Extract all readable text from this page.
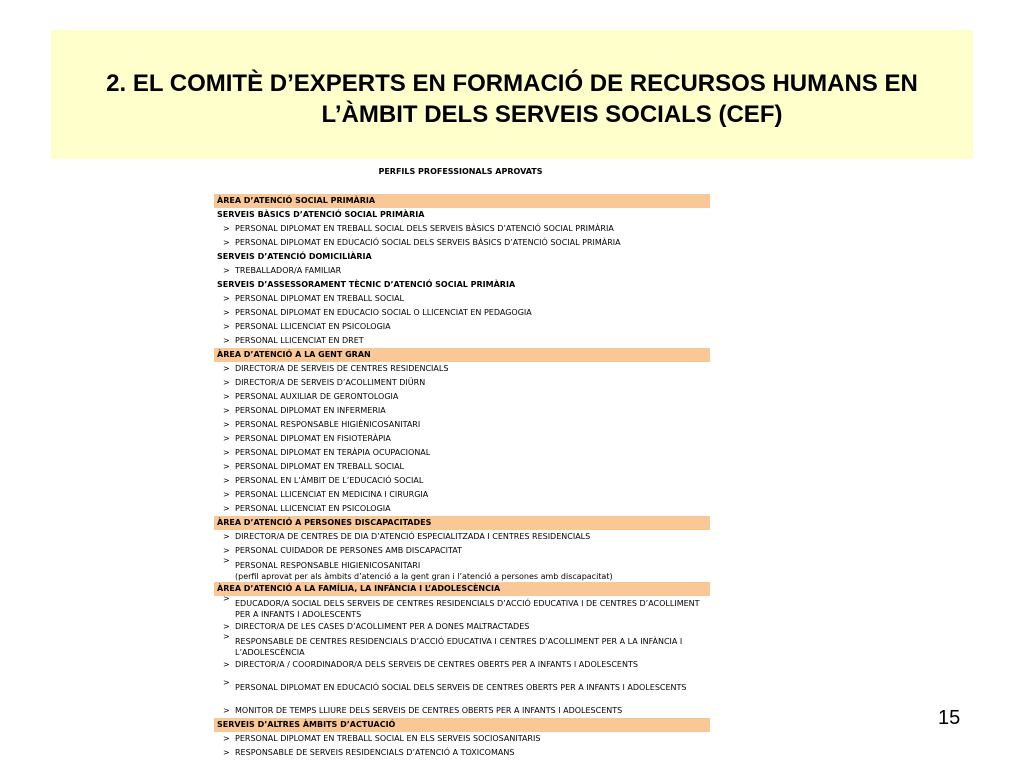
2. EL COMITÈ D’EXPERTS EN FORMACIÓ DE RECURSOS HUMANS EN
L’ÀMBIT DELS SERVEIS SOCIALS (CEF)
PERFILS PROFESSIONALS APROVATS
ÀREA D’ATENCIÓ SOCIAL PRIMÀRIA
SERVEIS BÀSICS D’ATENCIÓ SOCIAL PRIMÀRIA
> PERSONAL DIPLOMAT EN TREBALL SOCIAL DELS SERVEIS BÀSICS D’ATENCIÓ SOCIAL PRIMÀRIA
> PERSONAL DIPLOMAT EN EDUCACIÓ SOCIAL DELS SERVEIS BÀSICS D’ATENCIÓ SOCIAL PRIMÀRIA
SERVEIS D’ATENCIÓ DOMICILIÀRIA
> TREBALLADOR/A FAMILIAR
SERVEIS D’ASSESSORAMENT TÈCNIC D’ATENCIÓ SOCIAL PRIMÀRIA
> PERSONAL DIPLOMAT EN TREBALL SOCIAL
> PERSONAL DIPLOMAT EN EDUCACIO SOCIAL O LLICENCIAT EN PEDAGOGIA
> PERSONAL LLICENCIAT EN PSICOLOGIA
> PERSONAL LLICENCIAT EN DRET
ÀREA D’ATENCIÓ A LA GENT GRAN
> DIRECTOR/A DE SERVEIS DE CENTRES RESIDENCIALS
> DIRECTOR/A DE SERVEIS D’ACOLLIMENT DIÜRN
> PERSONAL AUXILIAR DE GERONTOLOGIA
> PERSONAL DIPLOMAT EN INFERMERIA
> PERSONAL RESPONSABLE HIGIÈNICOSANITARI
> PERSONAL DIPLOMAT EN FISIOTERÀPIA
> PERSONAL DIPLOMAT EN TERÀPIA OCUPACIONAL
> PERSONAL DIPLOMAT EN TREBALL SOCIAL
> PERSONAL EN L’ÀMBIT DE L’EDUCACIÓ SOCIAL
> PERSONAL LLICENCIAT EN MEDICINA I CIRURGIA
> PERSONAL LLICENCIAT EN PSICOLOGIA
ÀREA D’ATENCIÓ A PERSONES DISCAPACITADES
> DIRECTOR/A DE CENTRES DE DIA D’ATENCIÓ ESPECIALITZADA I CENTRES RESIDENCIALS
> PERSONAL CUIDADOR DE PERSONES AMB DISCAPACITAT
>
PERSONAL RESPONSABLE HIGIENICOSANITARI
(perfil aprovat per als àmbits d’atenció a la gent gran i l’atenció a persones amb discapacitat)
ÀREA D’ATENCIÓ A LA FAMÍLIA, LA INFÀNCIA I L’ADOLESCÈNCIA
>
EDUCADOR/A SOCIAL DELS SERVEIS DE CENTRES RESIDENCIALS D’ACCIÓ EDUCATIVA I DE CENTRES D’ACOLLIMENT PER A INFANTS I ADOLESCENTS
> DIRECTOR/A DE LES CASES D’ACOLLIMENT PER A DONES MALTRACTADES
>
RESPONSABLE DE CENTRES RESIDENCIALS D’ACCIÓ EDUCATIVA I CENTRES D’ACOLLIMENT PER A LA INFÀNCIA I L’ADOLESCÈNCIA
> DIRECTOR/A / COORDINADOR/A DELS SERVEIS DE CENTRES OBERTS PER A INFANTS I ADOLESCENTS
>
PERSONAL DIPLOMAT EN EDUCACIÓ SOCIAL DELS SERVEIS DE CENTRES OBERTS PER A INFANTS I ADOLESCENTS
> MONITOR DE TEMPS LLIURE DELS SERVEIS DE CENTRES OBERTS PER A INFANTS I ADOLESCENTS
SERVEIS D’ALTRES ÀMBITS D’ACTUACIÓ
> PERSONAL DIPLOMAT EN TREBALL SOCIAL EN ELS SERVEIS SOCIOSANITARIS
> RESPONSABLE DE SERVEIS RESIDENCIALS D’ATENCIÓ A TOXICOMANS
15
